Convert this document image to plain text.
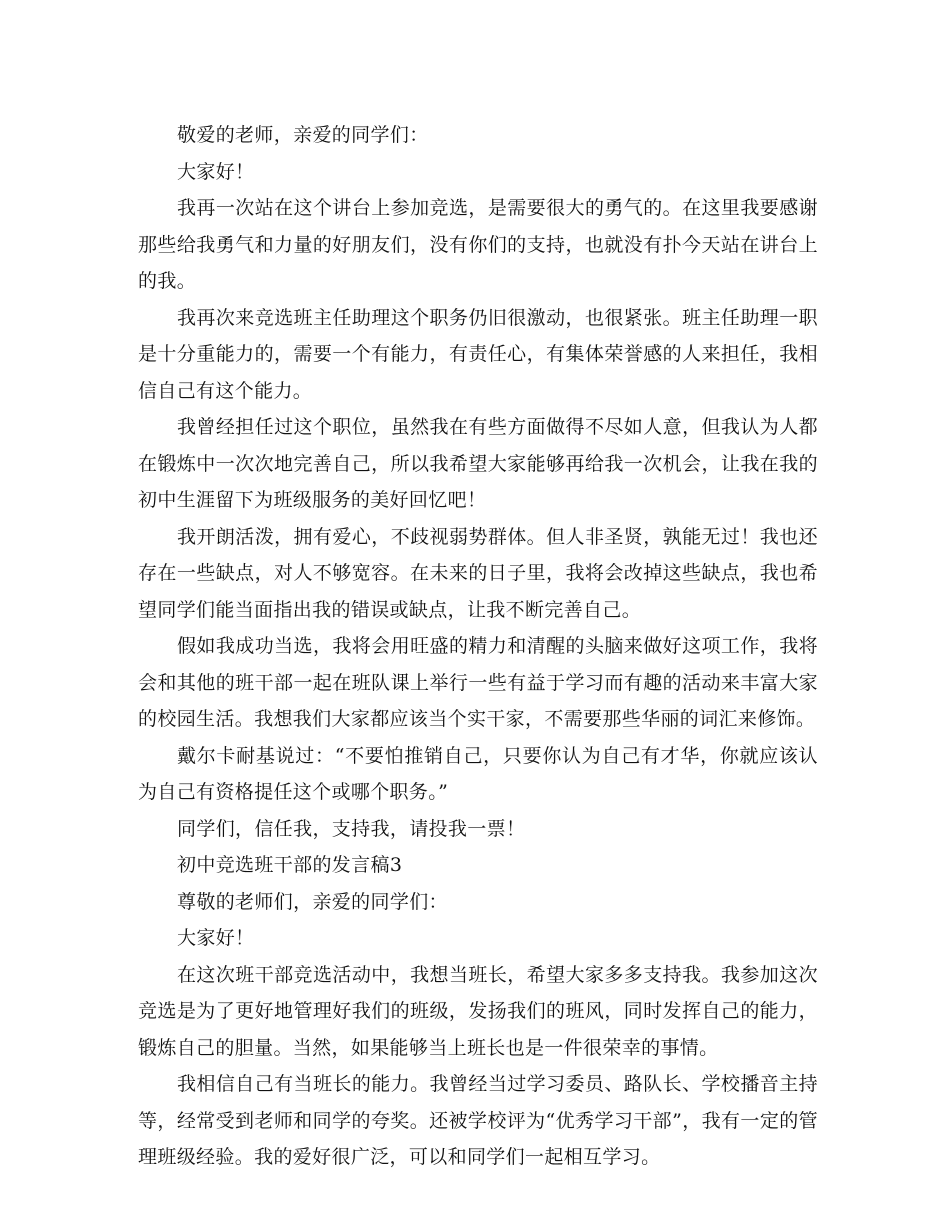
敬爱的老师，亲爱的同学们：

大家好！

我再一次站在这个讲台上参加竞选，是需要很大的勇气的。在这里我要感谢那些给我勇气和力量的好朋友们，没有你们的支持，也就没有扑今天站在讲台上的我。

我再次来竞选班主任助理这个职务仍旧很激动，也很紧张。班主任助理一职是十分重能力的，需要一个有能力，有责任心，有集体荣誉感的人来担任，我相信自己有这个能力。

我曾经担任过这个职位，虽然我在有些方面做得不尽如人意，但我认为人都在锻炼中一次次地完善自己，所以我希望大家能够再给我一次机会，让我在我的初中生涯留下为班级服务的美好回忆吧！

我开朗活泼，拥有爱心，不歧视弱势群体。但人非圣贤，孰能无过！我也还存在一些缺点，对人不够宽容。在未来的日子里，我将会改掉这些缺点，我也希望同学们能当面指出我的错误或缺点，让我不断完善自己。

假如我成功当选，我将会用旺盛的精力和清醒的头脑来做好这项工作，我将会和其他的班干部一起在班队课上举行一些有益于学习而有趣的活动来丰富大家的校园生活。我想我们大家都应该当个实干家，不需要那些华丽的词汇来修饰。

戴尔卡耐基说过：“不要怕推销自己，只要你认为自己有才华，你就应该认为自己有资格提任这个或哪个职务。”

同学们，信任我，支持我，请投我一票！

初中竞选班干部的发言稿3

尊敬的老师们，亲爱的同学们：

大家好！

在这次班干部竞选活动中，我想当班长，希望大家多多支持我。我参加这次竞选是为了更好地管理好我们的班级，发扬我们的班风，同时发挥自己的能力，锻炼自己的胆量。当然，如果能够当上班长也是一件很荣幸的事情。

我相信自己有当班长的能力。我曾经当过学习委员、路队长、学校播音主持等，经常受到老师和同学的夸奖。还被学校评为“优秀学习干部”，我有一定的管理班级经验。我的爱好很广泛，可以和同学们一起相互学习。
